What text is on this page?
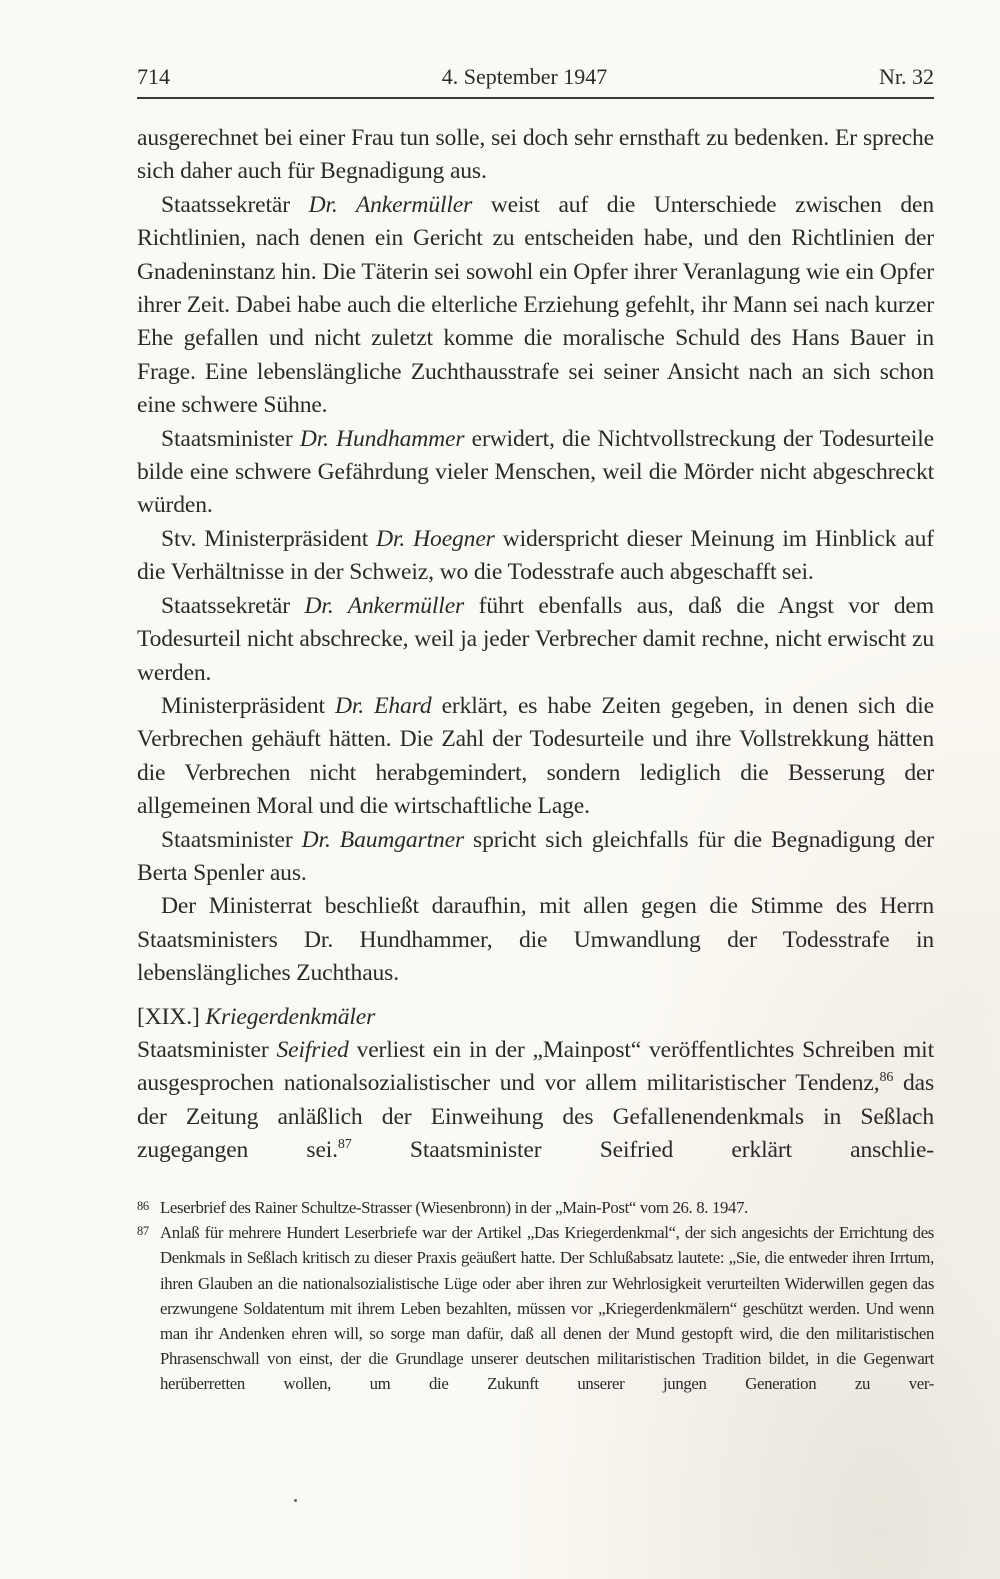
714	4. September 1947	Nr. 32

ausgerechnet bei einer Frau tun solle, sei doch sehr ernsthaft zu bedenken. Er spreche sich daher auch für Begnadigung aus.

Staatssekretär Dr. Ankermüller weist auf die Unterschiede zwischen den Richtlinien, nach denen ein Gericht zu entscheiden habe, und den Richtlinien der Gnadeninstanz hin. Die Täterin sei sowohl ein Opfer ihrer Veranlagung wie ein Opfer ihrer Zeit. Dabei habe auch die elterliche Erziehung gefehlt, ihr Mann sei nach kurzer Ehe gefallen und nicht zuletzt komme die moralische Schuld des Hans Bauer in Frage. Eine lebenslängliche Zuchthausstrafe sei seiner Ansicht nach an sich schon eine schwere Sühne.

Staatsminister Dr. Hundhammer erwidert, die Nichtvollstreckung der Todesurteile bilde eine schwere Gefährdung vieler Menschen, weil die Mörder nicht abgeschreckt würden.

Stv. Ministerpräsident Dr. Hoegner widerspricht dieser Meinung im Hinblick auf die Verhältnisse in der Schweiz, wo die Todesstrafe auch abgeschafft sei.

Staatssekretär Dr. Ankermüller führt ebenfalls aus, daß die Angst vor dem Todesurteil nicht abschrecke, weil ja jeder Verbrecher damit rechne, nicht erwischt zu werden.

Ministerpräsident Dr. Ehard erklärt, es habe Zeiten gegeben, in denen sich die Verbrechen gehäuft hätten. Die Zahl der Todesurteile und ihre Vollstrekkung hätten die Verbrechen nicht herabgemindert, sondern lediglich die Besserung der allgemeinen Moral und die wirtschaftliche Lage.

Staatsminister Dr. Baumgartner spricht sich gleichfalls für die Begnadigung der Berta Spenler aus.

Der Ministerrat beschließt daraufhin, mit allen gegen die Stimme des Herrn Staatsministers Dr. Hundhammer, die Umwandlung der Todesstrafe in lebenslängliches Zuchthaus.

[XIX.] Kriegerdenkmäler

Staatsminister Seifried verliest ein in der „Mainpost“ veröffentlichtes Schreiben mit ausgesprochen nationalsozialistischer und vor allem militaristischer Tendenz,$^{86}$ das der Zeitung anläßlich der Einweihung des Gefallenendenkmals in Seßlach zugegangen sei.$^{87}$ Staatsminister Seifried erklärt anschlie-

86 Leserbrief des Rainer Schultze-Strasser (Wiesenbronn) in der „Main-Post“ vom 26. 8. 1947.
87 Anlaß für mehrere Hundert Leserbriefe war der Artikel „Das Kriegerdenkmal“, der sich angesichts der Errichtung des Denkmals in Seßlach kritisch zu dieser Praxis geäußert hatte. Der Schlußabsatz lautete: „Sie, die entweder ihren Irrtum, ihren Glauben an die nationalsozialistische Lüge oder aber ihren zur Wehrlosigkeit verurteilten Widerwillen gegen das erzwungene Soldatentum mit ihrem Leben bezahlten, müssen vor „Kriegerdenkmälern“ geschützt werden. Und wenn man ihr Andenken ehren will, so sorge man dafür, daß all denen der Mund gestopft wird, die den militaristischen Phrasenschwall von einst, der die Grundlage unserer deutschen militaristischen Tradition bildet, in die Gegenwart herüberretten wollen, um die Zukunft unserer jungen Generation zu ver-
